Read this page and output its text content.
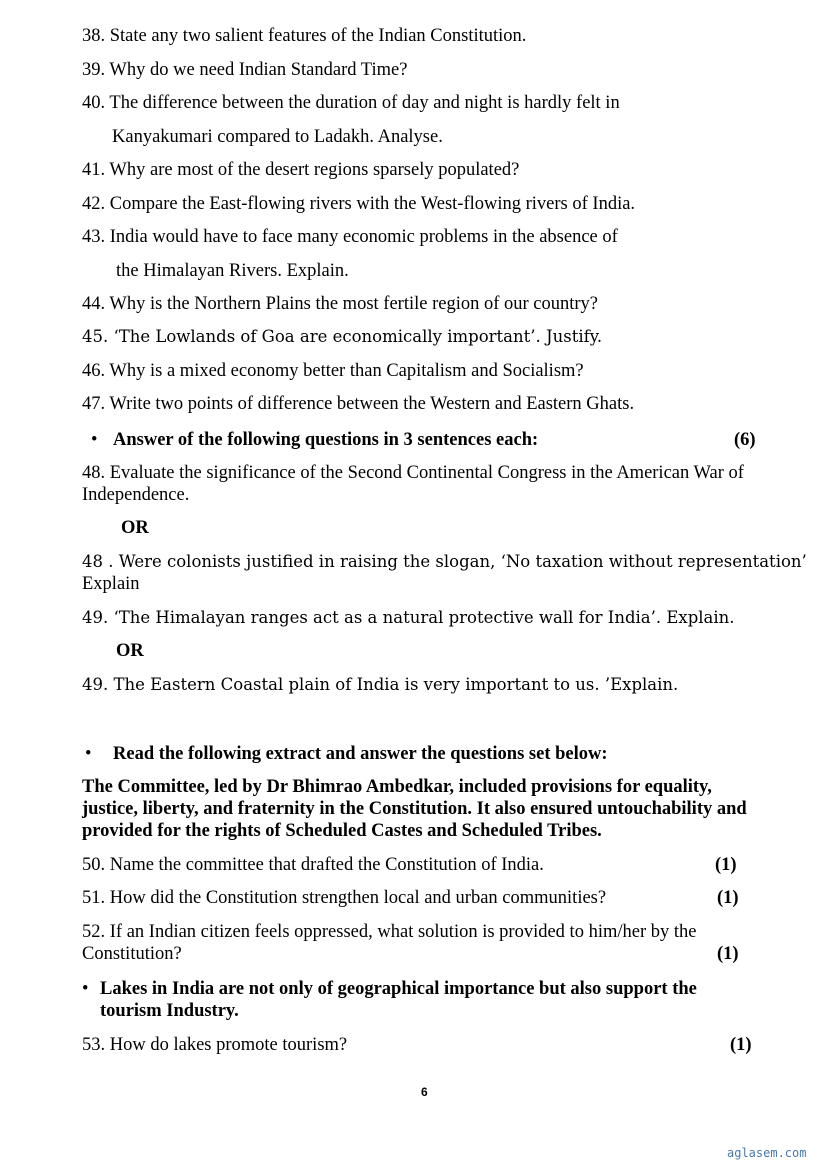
38. State any two salient features of the Indian Constitution.
39. Why do we need Indian Standard Time?
40. The difference between the duration of day and night is hardly felt in
Kanyakumari compared to Ladakh. Analyse.
41. Why are most of the desert regions sparsely populated?
42. Compare the East-flowing rivers with the West-flowing rivers of India.
43. India would have to face many economic problems in the absence of
the Himalayan Rivers. Explain.
44. Why is the Northern Plains the most fertile region of our country?
45. ‘The Lowlands of Goa are economically important’. Justify.
46. Why is a mixed economy better than Capitalism and Socialism?
47. Write two points of difference between the Western and Eastern Ghats.
• Answer of the following questions in 3 sentences each:	(6)
48. Evaluate the significance of the Second Continental Congress in the American War of
Independence.
OR
48 . Were colonists justified in raising the slogan, ‘No taxation without representation’
Explain
49. ‘The Himalayan ranges act as a natural protective wall for India’. Explain.
OR
49. The Eastern Coastal plain of India is very important to us. ’Explain.
• Read the following extract and answer the questions set below:
The Committee, led by Dr Bhimrao Ambedkar, included provisions for equality,
justice, liberty, and fraternity in the Constitution. It also ensured untouchability and
provided for the rights of Scheduled Castes and Scheduled Tribes.
50. Name the committee that drafted the Constitution of India.	(1)
51. How did the Constitution strengthen local and urban communities?	(1)
52. If an Indian citizen feels oppressed, what solution is provided to him/her by the
Constitution?	(1)
• Lakes in India are not only of geographical importance but also support the
tourism Industry.
53. How do lakes promote tourism?	(1)
6
aglasem.com
